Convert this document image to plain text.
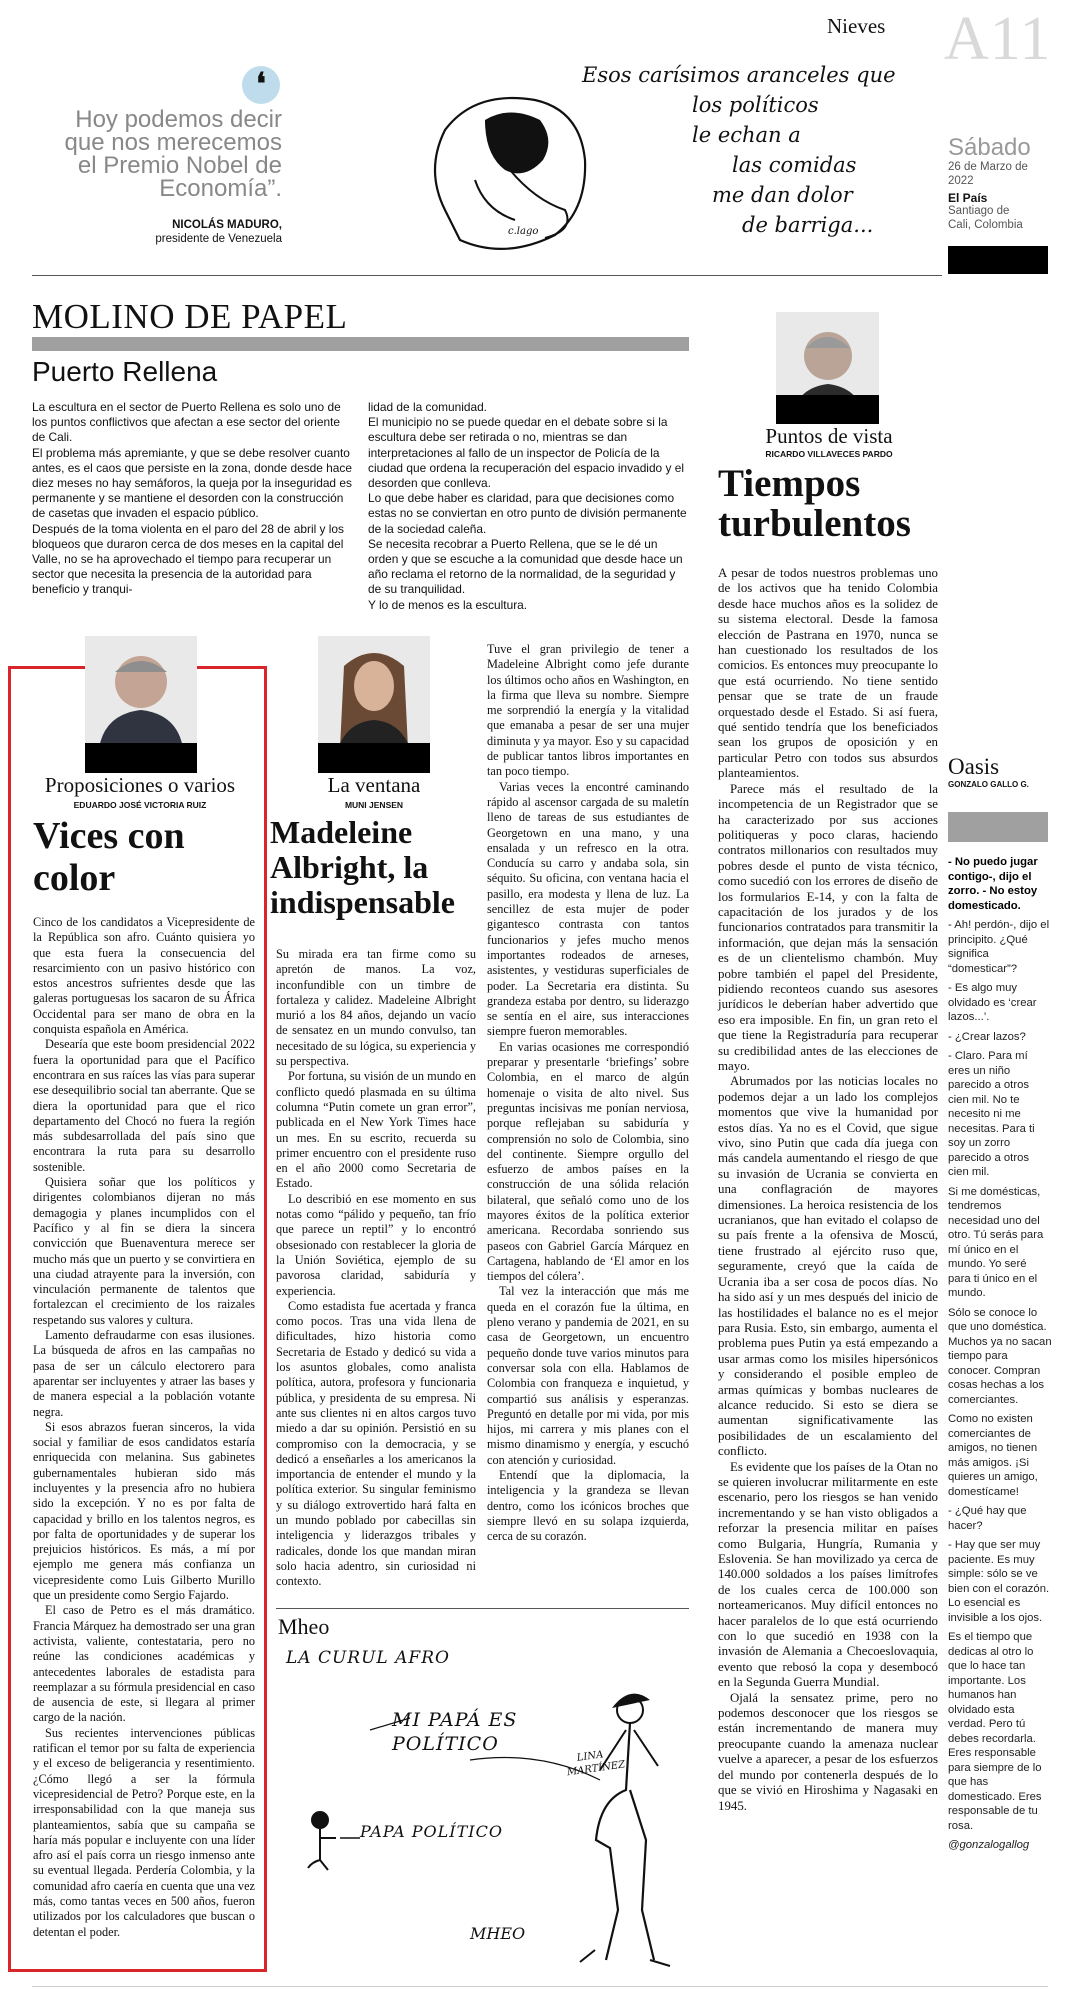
Nieves A11
❛
Hoy podemos decir que nos merecemos el Premio Nobel de Economía”.
NICOLÁS MADURO,
presidente de Venezuela
c.lago
Esos carísimos aranceles que
los políticos
le echan a
las comidas
me dan dolor
de barriga...
Sábado
26 de Marzo de 2022
El País
Santiago de Cali, Colombia
MOLINO DE PAPEL
Puerto Rellena
La escultura en el sector de Puerto Rellena es solo uno de los puntos conflictivos que afectan a ese sector del oriente de Cali.
El problema más apremiante, y que se debe resolver cuanto antes, es el caos que persiste en la zona, donde desde hace diez meses no hay semáforos, la queja por la inseguridad es permanente y se mantiene el desorden con la construcción de casetas que invaden el espacio público.
Después de la toma violenta en el paro del 28 de abril y los bloqueos que duraron cerca de dos meses en la capital del Valle, no se ha aprovechado el tiempo para recuperar un sector que necesita la presencia de la autoridad para beneficio y tranqui-
lidad de la comunidad.
El municipio no se puede quedar en el debate sobre si la escultura debe ser retirada o no, mientras se dan interpretaciones al fallo de un inspector de Policía de la ciudad que ordena la recuperación del espacio invadido y el desorden que conlleva.
Lo que debe haber es claridad, para que decisiones como estas no se conviertan en otro punto de división permanente de la sociedad caleña.
Se necesita recobrar a Puerto Rellena, que se le dé un orden y que se escuche a la comunidad que desde hace un año reclama el retorno de la normalidad, de la seguridad y de su tranquilidad.
Y lo de menos es la escultura.
Puntos de vista
RICARDO VILLAVECES PARDO
Tiempos turbulentos

A pesar de todos nuestros problemas uno de los activos que ha tenido Colombia desde hace muchos años es la solidez de su sistema electoral. Desde la famosa elección de Pastrana en 1970, nunca se han cuestionado los resultados de los comicios. Es entonces muy preocupante lo que está ocurriendo. No tiene sentido pensar que se trate de un fraude orquestado desde el Estado. Si así fuera, qué sentido tendría que los beneficiados sean los grupos de oposición y en particular Petro con todos sus absurdos planteamientos.

Parece más el resultado de la incompetencia de un Registrador que se ha caracterizado por sus acciones politiqueras y poco claras, haciendo contratos millonarios con resultados muy pobres desde el punto de vista técnico, como sucedió con los errores de diseño de los formularios E-14, y con la falta de capacitación de los jurados y de los funcionarios contratados para transmitir la información, que dejan más la sensación es de un clientelismo chambón. Muy pobre también el papel del Presidente, pidiendo reconteos cuando sus asesores jurídicos le deberían haber advertido que eso era imposible. En fin, un gran reto el que tiene la Registraduría para recuperar su credibilidad antes de las elecciones de mayo.

Abrumados por las noticias locales no podemos dejar a un lado los complejos momentos que vive la humanidad por estos días. Ya no es el Covid, que sigue vivo, sino Putin que cada día juega con más candela aumentando el riesgo de que su invasión de Ucrania se convierta en una conflagración de mayores dimensiones. La heroica resistencia de los ucranianos, que han evitado el colapso de su país frente a la ofensiva de Moscú, tiene frustrado al ejército ruso que, seguramente, creyó que la caída de Ucrania iba a ser cosa de pocos días. No ha sido así y un mes después del inicio de las hostilidades el balance no es el mejor para Rusia. Esto, sin embargo, aumenta el problema pues Putin ya está empezando a usar armas como los misiles hipersónicos y considerando el posible empleo de armas químicas y bombas nucleares de alcance reducido. Si esto se diera se aumentan significativamente las posibilidades de un escalamiento del conflicto.

Es evidente que los países de la Otan no se quieren involucrar militarmente en este escenario, pero los riesgos se han venido incrementando y se han visto obligados a reforzar la presencia militar en países como Bulgaria, Hungría, Rumania y Eslovenia. Se han movilizado ya cerca de 140.000 soldados a los países limítrofes de los cuales cerca de 100.000 son norteamericanos. Muy difícil entonces no hacer paralelos de lo que está ocurriendo con lo que sucedió en 1938 con la invasión de Alemania a Checoeslovaquia, evento que rebosó la copa y desembocó en la Segunda Guerra Mundial.

Ojalá la sensatez prime, pero no podemos desconocer que los riesgos se están incrementando de manera muy preocupante cuando la amenaza nuclear vuelve a aparecer, a pesar de los esfuerzos del mundo por contenerla después de lo que se vivió en Hiroshima y Nagasaki en 1945.

Oasis
GONZALO GALLO G.

- No puedo jugar contigo-, dijo el zorro. - No estoy domesticado.

- Ah! perdón-, dijo el principito. ¿Qué significa “domesticar”?

- Es algo muy olvidado es ‘crear lazos...’.

- ¿Crear lazos?

- Claro. Para mí eres un niño parecido a otros cien mil. No te necesito ni me necesitas. Para ti soy un zorro parecido a otros cien mil.

Si me domésticas, tendremos necesidad uno del otro. Tú serás para mí único en el mundo. Yo seré para ti único en el mundo.

Sólo se conoce lo que uno doméstica. Muchos ya no sacan tiempo para conocer. Compran cosas hechas a los comerciantes.

Como no existen comerciantes de amigos, no tienen más amigos. ¡Si quieres un amigo, domestícame!

- ¿Qué hay que hacer?

- Hay que ser muy paciente. Es muy simple: sólo se ve bien con el corazón. Lo esencial es invisible a los ojos.

Es el tiempo que dedicas al otro lo que lo hace tan importante. Los humanos han olvidado esta verdad. Pero tú debes recordarla. Eres responsable para siempre de lo que has domesticado. Eres responsable de tu rosa.

@gonzalogallog

Proposiciones o varios
EDUARDO JOSÉ VICTORIA RUIZ
Vices con color

Cinco de los candidatos a Vicepresidente de la República son afro. Cuánto quisiera yo que esta fuera la consecuencia del resarcimiento con un pasivo histórico con estos ancestros sufrientes desde que las galeras portuguesas los sacaron de su África Occidental para ser mano de obra en la conquista española en América.

Desearía que este boom presidencial 2022 fuera la oportunidad para que el Pacífico encontrara en sus raíces las vías para superar ese desequilibrio social tan aberrante. Que se diera la oportunidad para que el rico departamento del Chocó no fuera la región más subdesarrollada del país sino que encontrara la ruta para su desarrollo sostenible.

Quisiera soñar que los políticos y dirigentes colombianos dijeran no más demagogia y planes incumplidos con el Pacífico y al fin se diera la sincera convicción que Buenaventura merece ser mucho más que un puerto y se convirtiera en una ciudad atrayente para la inversión, con vinculación permanente de talentos que fortalezcan el crecimiento de los raizales respetando sus valores y cultura.

Lamento defraudarme con esas ilusiones. La búsqueda de afros en las campañas no pasa de ser un cálculo electorero para aparentar ser incluyentes y atraer las bases y de manera especial a la población votante negra.

Si esos abrazos fueran sinceros, la vida social y familiar de esos candidatos estaría enriquecida con melanina. Sus gabinetes gubernamentales hubieran sido más incluyentes y la presencia afro no hubiera sido la excepción. Y no es por falta de capacidad y brillo en los talentos negros, es por falta de oportunidades y de superar los prejuicios históricos. Es más, a mí por ejemplo me genera más confianza un vicepresidente como Luis Gilberto Murillo que un presidente como Sergio Fajardo.

El caso de Petro es el más dramático. Francia Márquez ha demostrado ser una gran activista, valiente, contestataria, pero no reúne las condiciones académicas y antecedentes laborales de estadista para reemplazar a su fórmula presidencial en caso de ausencia de este, si llegara al primer cargo de la nación.

Sus recientes intervenciones públicas ratifican el temor por su falta de experiencia y el exceso de beligerancia y resentimiento. ¿Cómo llegó a ser la fórmula vicepresidencial de Petro? Porque este, en la irresponsabilidad con la que maneja sus planteamientos, sabía que su campaña se haría más popular e incluyente con una líder afro así el país corra un riesgo inmenso ante su eventual llegada. Perdería Colombia, y la comunidad afro caería en cuenta que una vez más, como tantas veces en 500 años, fueron utilizados por los calculadores que buscan o detentan el poder.

La ventana
MUNI JENSEN
Madeleine Albright, la indispensable

Su mirada era tan firme como su apretón de manos. La voz, inconfundible con un timbre de fortaleza y calidez. Madeleine Albright murió a los 84 años, dejando un vacío de sensatez en un mundo convulso, tan necesitado de su lógica, su experiencia y su perspectiva.

Por fortuna, su visión de un mundo en conflicto quedó plasmada en su última columna “Putin comete un gran error”, publicada en el New York Times hace un mes. En su escrito, recuerda su primer encuentro con el presidente ruso en el año 2000 como Secretaria de Estado.

Lo describió en ese momento en sus notas como “pálido y pequeño, tan frío que parece un reptil” y lo encontró obsesionado con restablecer la gloria de la Unión Soviética, ejemplo de su pavorosa claridad, sabiduría y experiencia.

Como estadista fue acertada y franca como pocos. Tras una vida llena de dificultades, hizo historia como Secretaria de Estado y dedicó su vida a los asuntos globales, como analista política, autora, profesora y funcionaria pública, y presidenta de su empresa. Ni ante sus clientes ni en altos cargos tuvo miedo a dar su opinión. Persistió en su compromiso con la democracia, y se dedicó a enseñarles a los americanos la importancia de entender el mundo y la política exterior. Su singular feminismo y su diálogo extrovertido hará falta en un mundo poblado por cabecillas sin inteligencia y liderazgos tribales y radicales, donde los que mandan miran solo hacia adentro, sin curiosidad ni contexto.

Tuve el gran privilegio de tener a Madeleine Albright como jefe durante los últimos ocho años en Washington, en la firma que lleva su nombre. Siempre me sorprendió la energía y la vitalidad que emanaba a pesar de ser una mujer diminuta y ya mayor. Eso y su capacidad de publicar tantos libros importantes en tan poco tiempo.

Varias veces la encontré caminando rápido al ascensor cargada de su maletín lleno de tareas de sus estudiantes de Georgetown en una mano, y una ensalada y un refresco en la otra. Conducía su carro y andaba sola, sin séquito. Su oficina, con ventana hacia el pasillo, era modesta y llena de luz. La sencillez de esta mujer de poder gigantesco contrasta con tantos funcionarios y jefes mucho menos importantes rodeados de arneses, asistentes, y vestiduras superficiales de poder. La Secretaria era distinta. Su grandeza estaba por dentro, su liderazgo se sentía en el aire, sus interacciones siempre fueron memorables.

En varias ocasiones me correspondió preparar y presentarle ‘briefings’ sobre Colombia, en el marco de algún homenaje o visita de alto nivel. Sus preguntas incisivas me ponían nerviosa, porque reflejaban su sabiduría y comprensión no solo de Colombia, sino del continente. Siempre orgullo del esfuerzo de ambos países en la construcción de una sólida relación bilateral, que señaló como uno de los mayores éxitos de la política exterior americana. Recordaba sonriendo sus paseos con Gabriel García Márquez en Cartagena, hablando de ‘El amor en los tiempos del cólera’.

Tal vez la interacción que más me queda en el corazón fue la última, en pleno verano y pandemia de 2021, en su casa de Georgetown, un encuentro pequeño donde tuve varios minutos para conversar sola con ella. Hablamos de Colombia con franqueza e inquietud, y compartió sus análisis y esperanzas. Preguntó en detalle por mi vida, por mis hijos, mi carrera y mis planes con el mismo dinamismo y energía, y escuchó con atención y curiosidad.

Entendí que la diplomacia, la inteligencia y la grandeza se llevan dentro, como los icónicos broches que siempre llevó en su solapa izquierda, cerca de su corazón.

Mheo
LA CURUL AFRO
MI PAPÁ ES POLÍTICO
PAPA POLÍTICO
LINA MARTÍNEZ
MHEO
